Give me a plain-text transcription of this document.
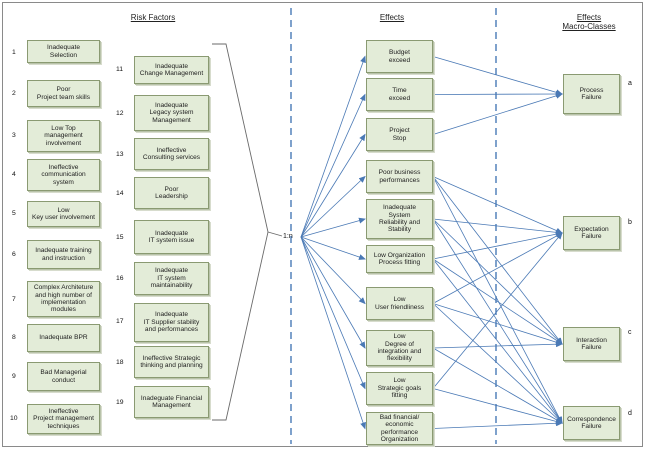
Risk Factors	Effects	Effects
Macro-Classes
1:n
Inadequate
Selection
1
Poor
Project team skills
2
Low Top
management
involvement
3
Ineffective
communication
system
4
Low
Key user involvement
5
Inadequate training
and instruction
6
Complex Architeture
and high number of
implementation
modules
7
Inadequate BPR
8
Bad Managerial
conduct
9
Ineffective
Project management
techniques
10
Inadequate
Change Management
11
Inadequate
Legacy system
Management
12
Ineffective
Consulting services
13
Poor
Leadership
14
Inadequate
IT system issue
15
Inadequate
IT system
maintainability
16
Inadequate
IT Supplier stability
and performances
17
Ineffective Strategic
thinking and planning
18
Inadeguate Financial
Management
19
Budget
exceed
Time
exceed
Project
Stop
Poor business
performances
Inadequate
System
Reliability and
Stability
Low Organization
Process fitting
Low
User friendliness
Low
Degree of
integration and
flexibility
Low
Strategic goals
fitting
Bad financial/
economic
performance
Organization
Process
Failure
a
Expectation
Failure
b
Interaction
Failure
c
Correspondence
Failure
d
